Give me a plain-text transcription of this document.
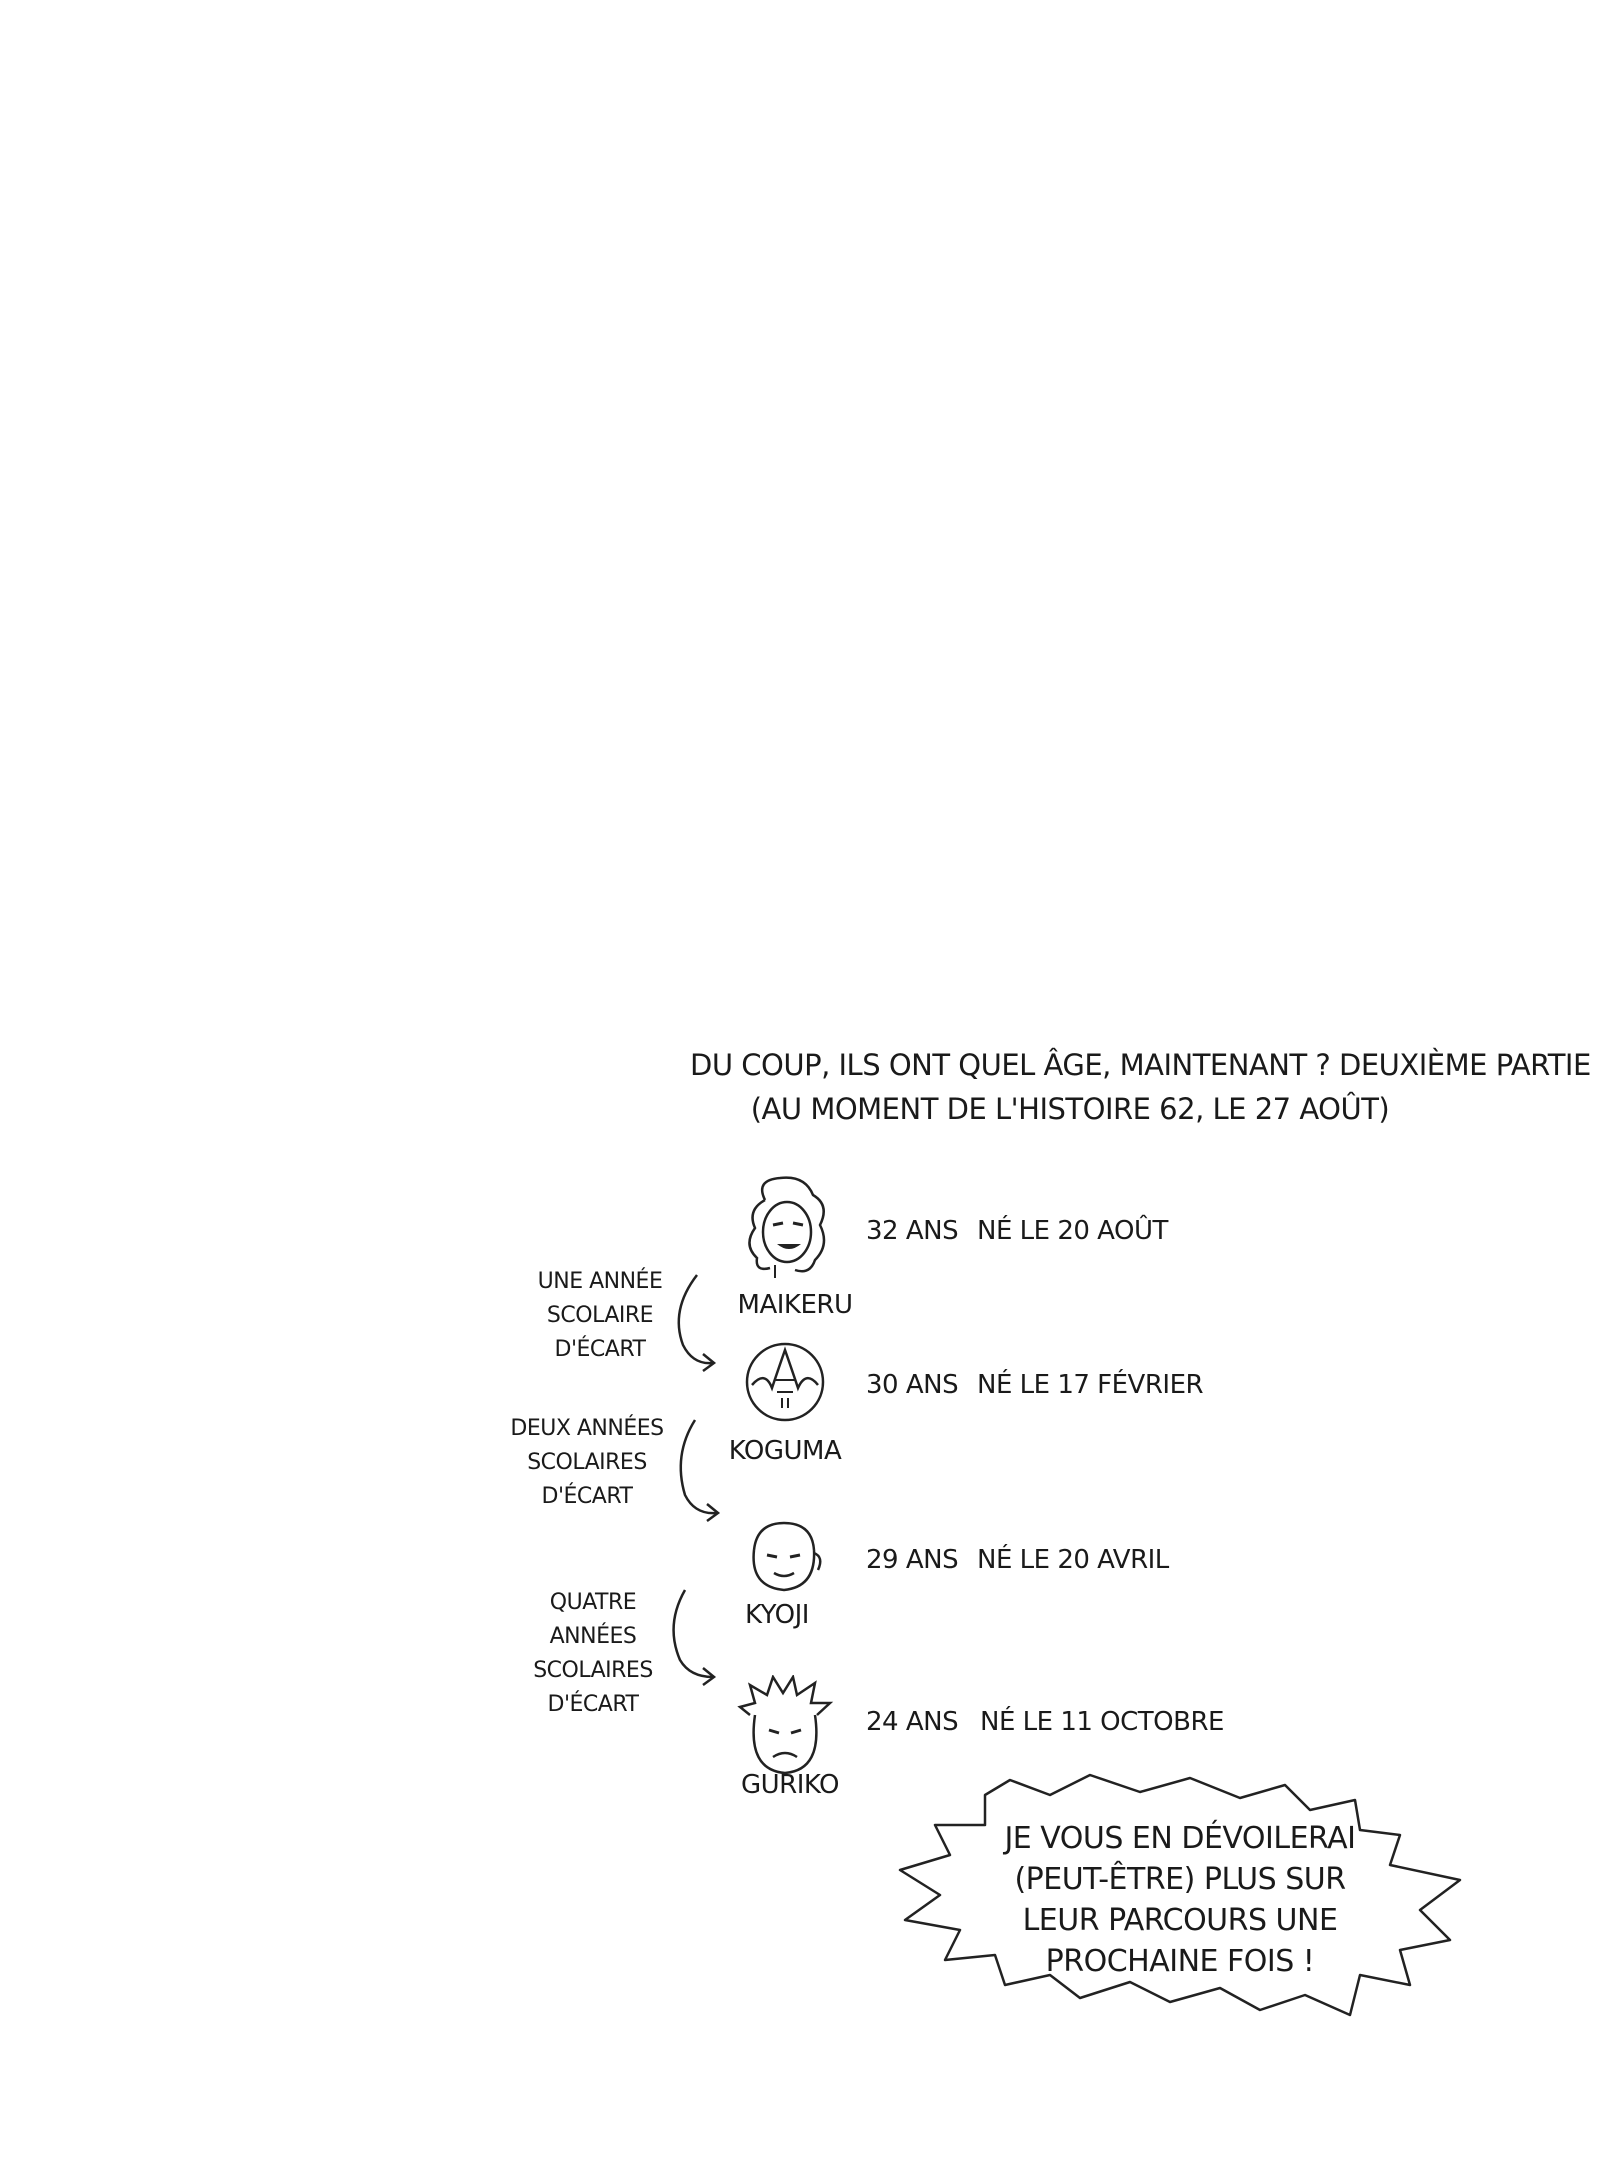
DU COUP, ILS ONT QUEL ÂGE, MAINTENANT ? DEUXIÈME PARTIE
(AU MOMENT DE L'HISTOIRE 62, LE 27 AOÛT)
MAIKERU
32 ANS NÉ LE 20 AOÛT
UNE ANNÉE SCOLAIRE D'ÉCART
KOGUMA
30 ANS NÉ LE 17 FÉVRIER
DEUX ANNÉES SCOLAIRES D'ÉCART
KYOJI
29 ANS NÉ LE 20 AVRIL
QUATRE ANNÉES SCOLAIRES D'ÉCART
GURIKO
24 ANS NÉ LE 11 OCTOBRE
JE VOUS EN DÉVOILERAI (PEUT-ÊTRE) PLUS SUR LEUR PARCOURS UNE PROCHAINE FOIS !
